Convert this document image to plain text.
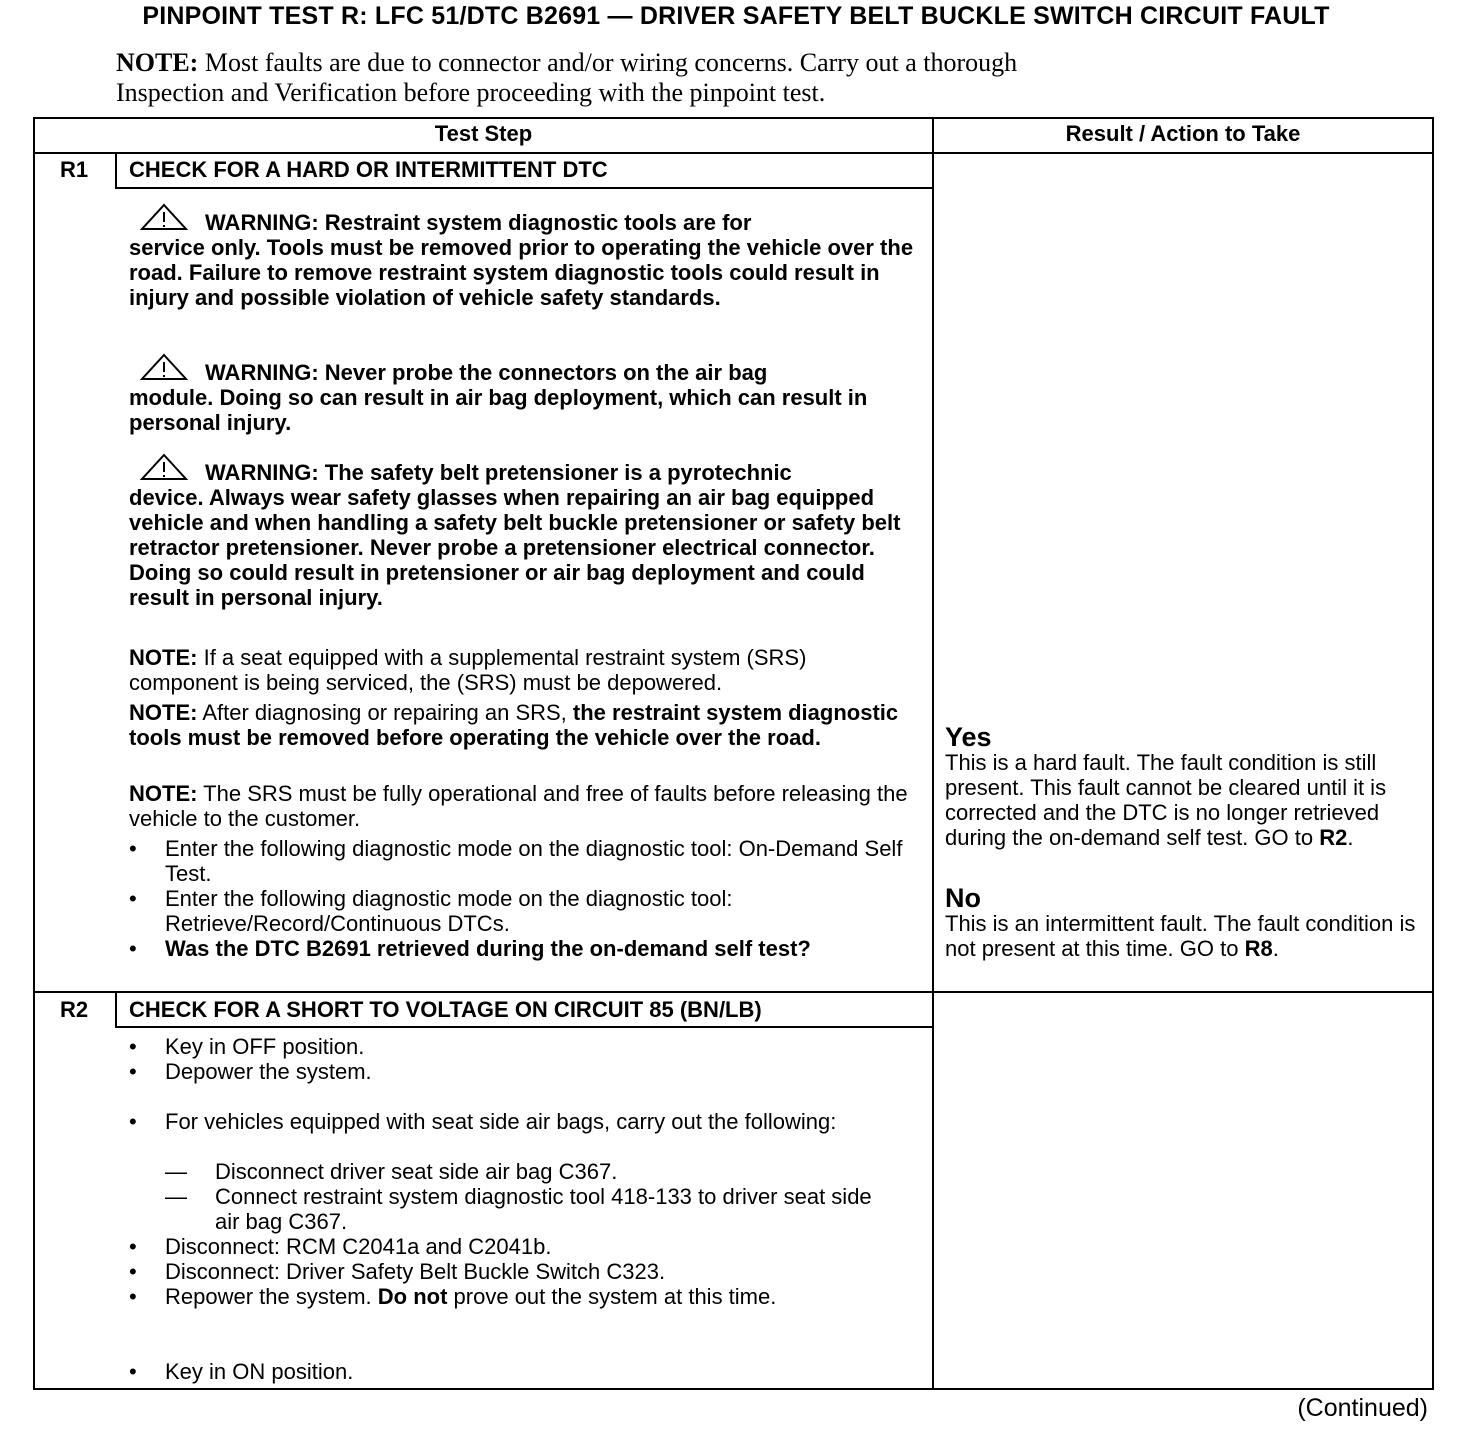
PINPOINT TEST R: LFC 51/DTC B2691 — DRIVER SAFETY BELT BUCKLE SWITCH CIRCUIT FAULT
NOTE: Most faults are due to connector and/or wiring concerns. Carry out a thorough
Inspection and Verification before proceeding with the pinpoint test.
Test Step	Result / Action to Take
R1	CHECK FOR A HARD OR INTERMITTENT DTC
WARNING: Restraint system diagnostic tools are for
service only. Tools must be removed prior to operating the vehicle over the road. Failure to remove restraint system diagnostic tools could result in injury and possible violation of vehicle safety standards.
WARNING: Never probe the connectors on the air bag
module. Doing so can result in air bag deployment, which can result in personal injury.
WARNING: The safety belt pretensioner is a pyrotechnic
device. Always wear safety glasses when repairing an air bag equipped vehicle and when handling a safety belt buckle pretensioner or safety belt retractor pretensioner. Never probe a pretensioner electrical connector. Doing so could result in pretensioner or air bag deployment and could result in personal injury.
NOTE: If a seat equipped with a supplemental restraint system (SRS) component is being serviced, the (SRS) must be depowered.
NOTE: After diagnosing or repairing an SRS, the restraint system diagnostic tools must be removed before operating the vehicle over the road.
NOTE: The SRS must be fully operational and free of faults before releasing the vehicle to the customer.
• Enter the following diagnostic mode on the diagnostic tool: On-Demand Self Test.
• Enter the following diagnostic mode on the diagnostic tool: Retrieve/Record/Continuous DTCs.
• Was the DTC B2691 retrieved during the on-demand self test?
Yes
This is a hard fault. The fault condition is still present. This fault cannot be cleared until it is corrected and the DTC is no longer retrieved during the on-demand self test. GO to R2.
No
This is an intermittent fault. The fault condition is not present at this time. GO to R8.
R2	CHECK FOR A SHORT TO VOLTAGE ON CIRCUIT 85 (BN/LB)
• Key in OFF position.
• Depower the system.
• For vehicles equipped with seat side air bags, carry out the following:
— Disconnect driver seat side air bag C367.
— Connect restraint system diagnostic tool 418-133 to driver seat side air bag C367.
• Disconnect: RCM C2041a and C2041b.
• Disconnect: Driver Safety Belt Buckle Switch C323.
• Repower the system. Do not prove out the system at this time.
• Key in ON position.
(Continued)
